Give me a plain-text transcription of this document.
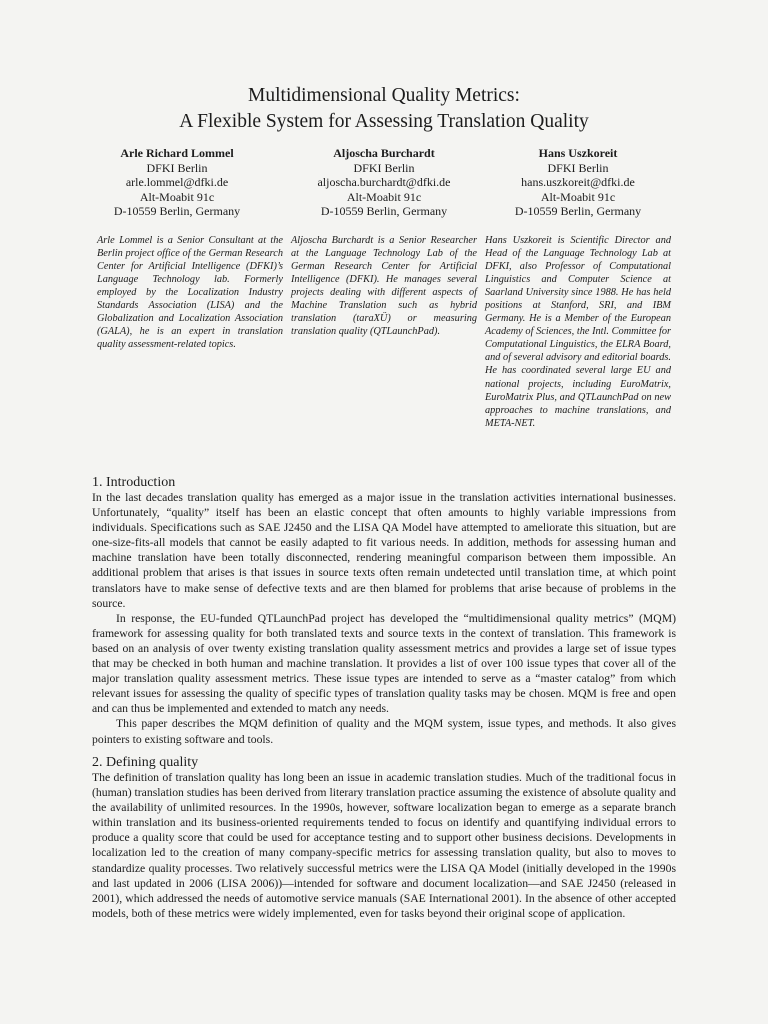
Multidimensional Quality Metrics:
A Flexible System for Assessing Translation Quality
Arle Richard Lommel
DFKI Berlin
arle.lommel@dfki.de
Alt-Moabit 91c
D-10559 Berlin, Germany
Aljoscha Burchardt
DFKI Berlin
aljoscha.burchardt@dfki.de
Alt-Moabit 91c
D-10559 Berlin, Germany
Hans Uszkoreit
DFKI Berlin
hans.uszkoreit@dfki.de
Alt-Moabit 91c
D-10559 Berlin, Germany
Arle Lommel is a Senior Consultant at the Berlin project office of the German Research Center for Artificial Intelligence (DFKI)’s Language Technology lab. Formerly employed by the Localization Industry Standards Association (LISA) and the Globalization and Localization Association (GALA), he is an expert in translation quality assessment-related topics.
Aljoscha Burchardt is a Senior Researcher at the Language Technology Lab of the German Research Center for Artificial Intelligence (DFKI). He manages several projects dealing with different aspects of Machine Translation such as hybrid translation (taraXÜ) or measuring translation quality (QTLaunchPad).
Hans Uszkoreit is Scientific Director and Head of the Language Technology Lab at DFKI, also Professor of Computational Linguistics and Computer Science at Saarland University since 1988. He has held positions at Stanford, SRI, and IBM Germany. He is a Member of the European Academy of Sciences, the Intl. Committee for Computational Linguistics, the ELRA Board, and of several advisory and editorial boards. He has coordinated several large EU and national projects, including EuroMatrix, EuroMatrix Plus, and QTLaunchPad on new approaches to machine translations, and META-NET.
1. Introduction

In the last decades translation quality has emerged as a major issue in the translation activities international businesses. Unfortunately, “quality” itself has been an elastic concept that often amounts to highly variable impressions from individuals. Specifications such as SAE J2450 and the LISA QA Model have attempted to ameliorate this situation, but are one-size-fits-all models that cannot be easily adapted to fit various needs. In addition, methods for assessing human and machine translation have been totally disconnected, rendering meaningful comparison between them impossible. An additional problem that arises is that issues in source texts often remain undetected until translation time, at which point translators have to make sense of defective texts and are then blamed for problems that arise because of problems in the source.

In response, the EU-funded QTLaunchPad project has developed the “multidimensional quality metrics” (MQM) framework for assessing quality for both translated texts and source texts in the context of translation. This framework is based on an analysis of over twenty existing translation quality assessment metrics and provides a large set of issue types that may be checked in both human and machine translation. It provides a list of over 100 issue types that cover all of the major translation quality assessment metrics. These issue types are intended to serve as a “master catalog” from which relevant issues for assessing the quality of specific types of translation quality tasks may be chosen. MQM is free and open and can thus be implemented and extended to match any needs.

This paper describes the MQM definition of quality and the MQM system, issue types, and methods. It also gives pointers to existing software and tools.

2. Defining quality

The definition of translation quality has long been an issue in academic translation studies. Much of the traditional focus in (human) translation studies has been derived from literary translation practice assuming the existence of absolute quality and the availability of unlimited resources. In the 1990s, however, software localization began to emerge as a separate branch within translation and its business-oriented requirements tended to focus on identify and quantifying individual errors to produce a quality score that could be used for acceptance testing and to support other business decisions. Developments in localization led to the creation of many company-specific metrics for assessing translation quality, but also to moves to standardize quality processes. Two relatively successful metrics were the LISA QA Model (initially developed in the 1990s and last updated in 2006 (LISA 2006))—intended for software and document localization—and SAE J2450 (released in 2001), which addressed the needs of automotive service manuals (SAE International 2001). In the absence of other accepted models, both of these metrics were widely implemented, even for tasks beyond their original scope of application.
